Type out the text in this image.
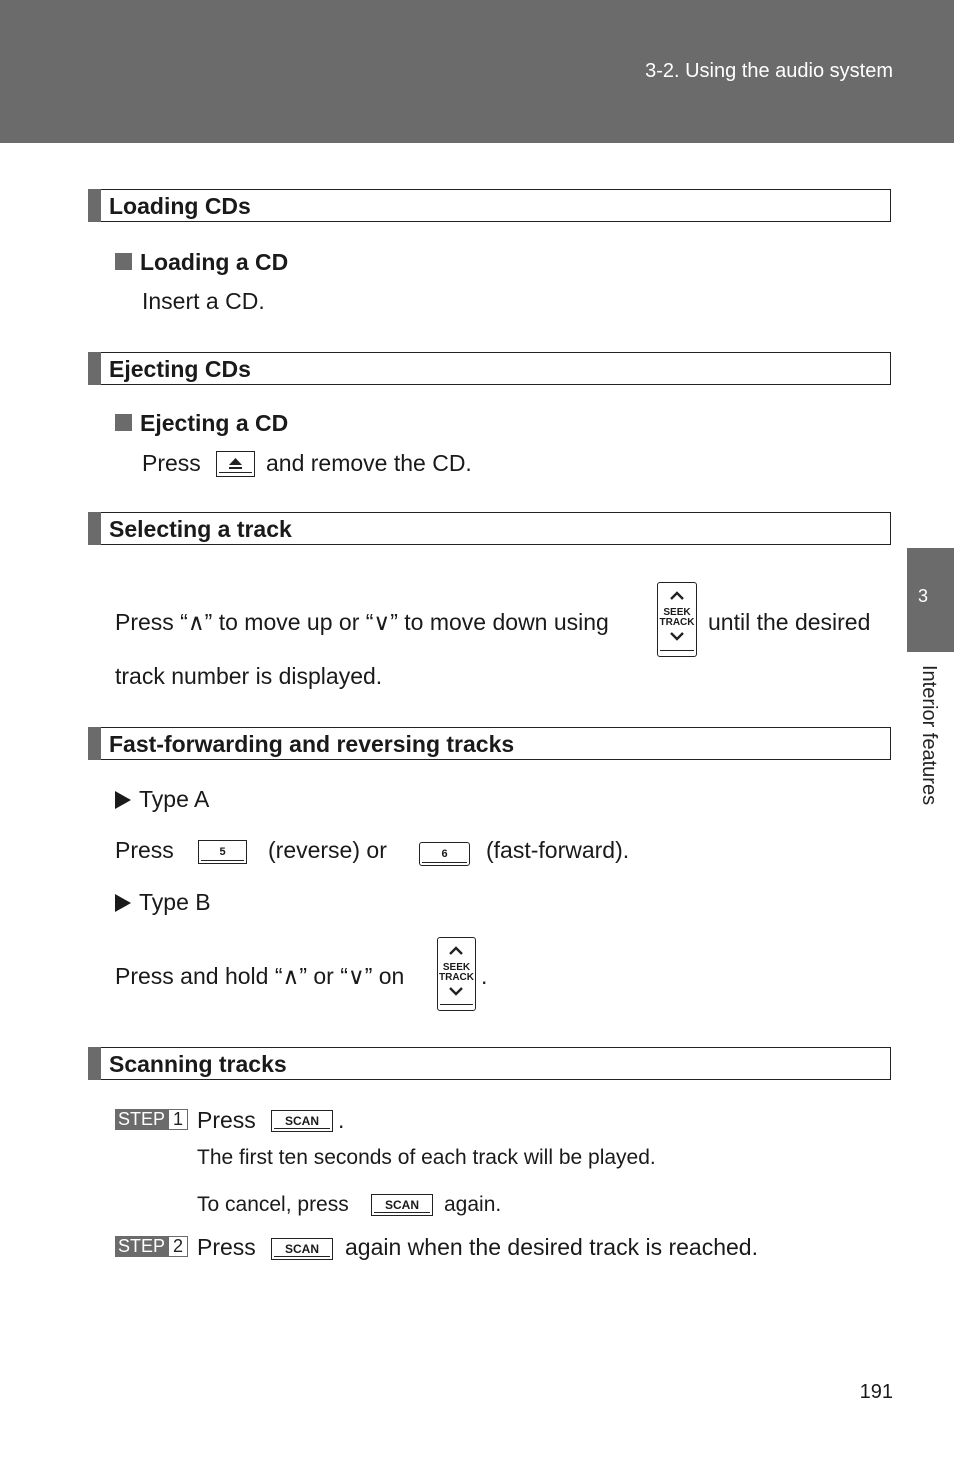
3-2. Using the audio system
3
Interior features
Loading CDs
Loading a CD
Insert a CD.
Ejecting CDs
Ejecting a CD
Press	and remove the CD.
Selecting a track
Press “∧” to move up or “∨” to move down using	SEEK
TRACK until the desired
track number is displayed.
Fast-forwarding and reversing tracks
Type A
Press	5	(reverse) or	6	(fast-forward).
Type B
Press and hold “∧” or “∨” on	SEEK
TRACK .
Scanning tracks
STEP 1 Press	SCAN .
The first ten seconds of each track will be played.
To cancel, press	SCAN	again.
STEP 2 Press	SCAN	again when the desired track is reached.
191
